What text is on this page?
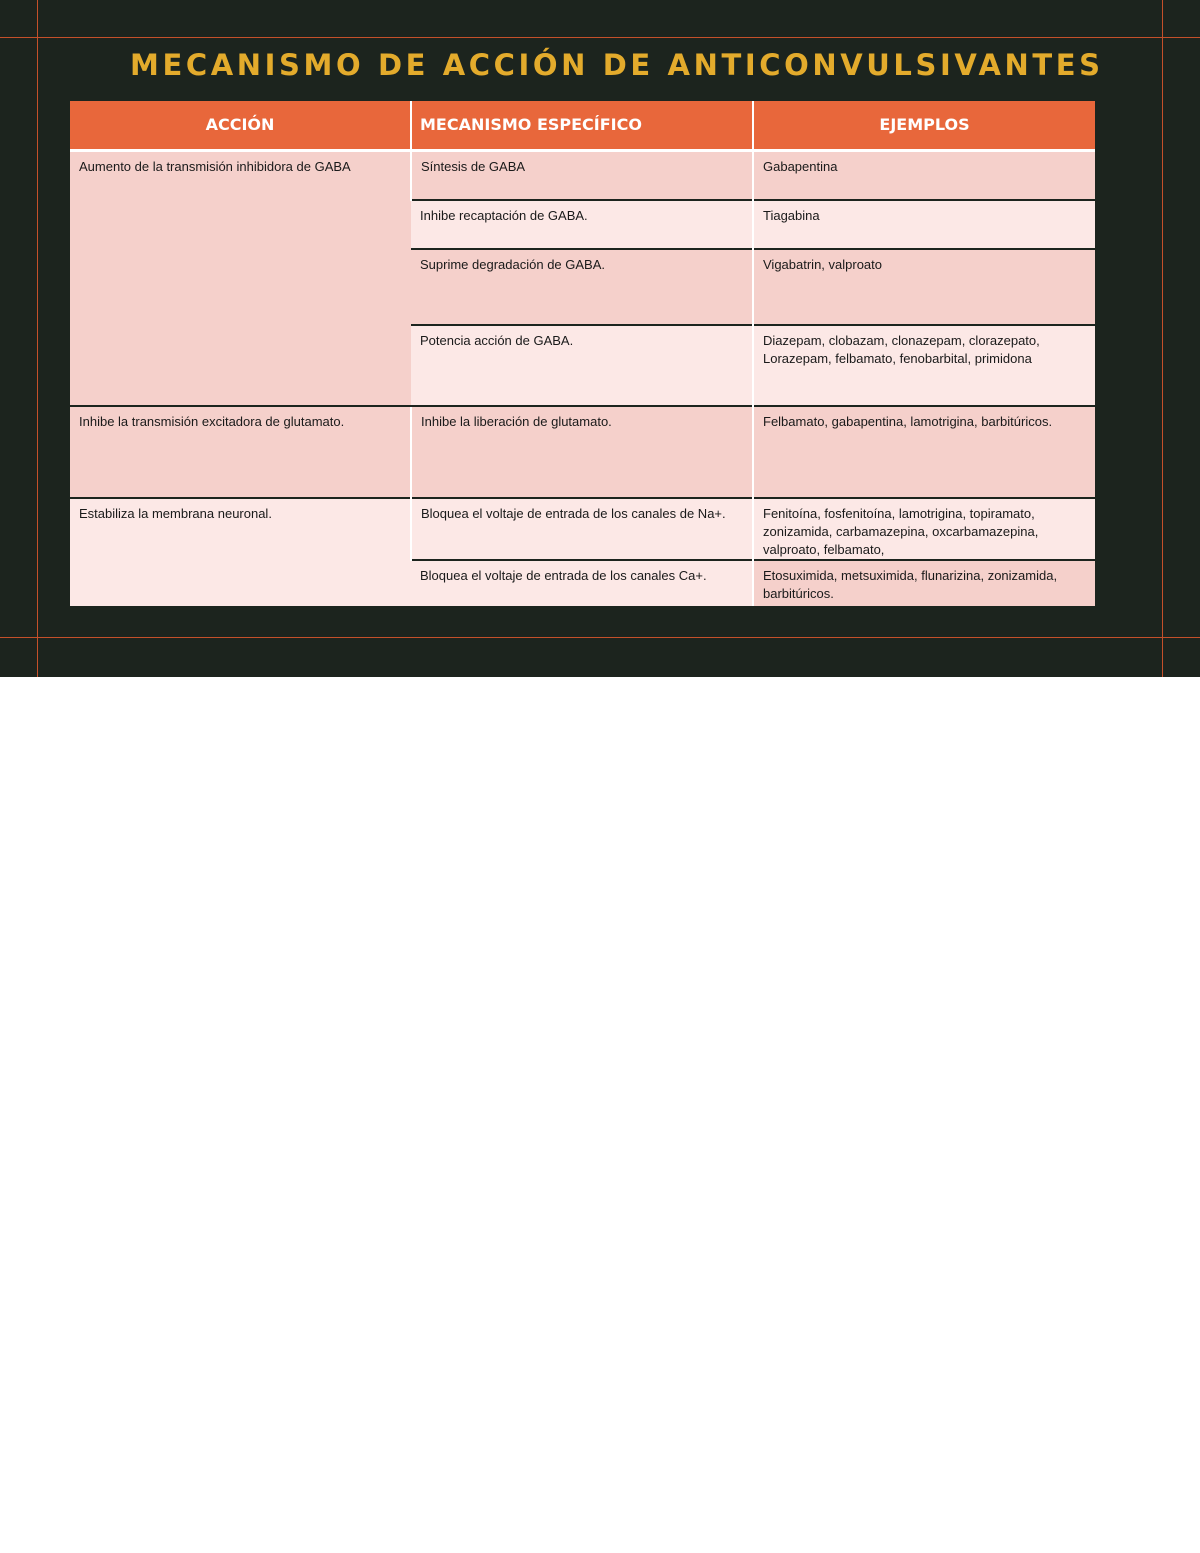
MECANISMO DE ACCIÓN DE ANTICONVULSIVANTES
ACCIÓN	MECANISMO ESPECÍFICO	EJEMPLOS
Aumento de la transmisión inhibidora de GABA	Síntesis de GABA	Gabapentina
	Inhibe recaptación de GABA.	Tiagabina
	Suprime degradación de GABA.	Vigabatrin, valproato
	Potencia acción de GABA.	Diazepam, clobazam, clonazepam, clorazepato, Lorazepam, felbamato, fenobarbital, primidona
Inhibe la transmisión excitadora de glutamato.	Inhibe la liberación de glutamato.	Felbamato, gabapentina, lamotrigina, barbitúricos.
Estabiliza la membrana neuronal.	Bloquea el voltaje de entrada de los canales de Na+.	Fenitoína, fosfenitoína, lamotrigina, topiramato, zonizamida, carbamazepina, oxcarbamazepina, valproato, felbamato,
	Bloquea el voltaje de entrada de los canales Ca+.	Etosuximida, metsuximida, flunarizina, zonizamida, barbitúricos.
